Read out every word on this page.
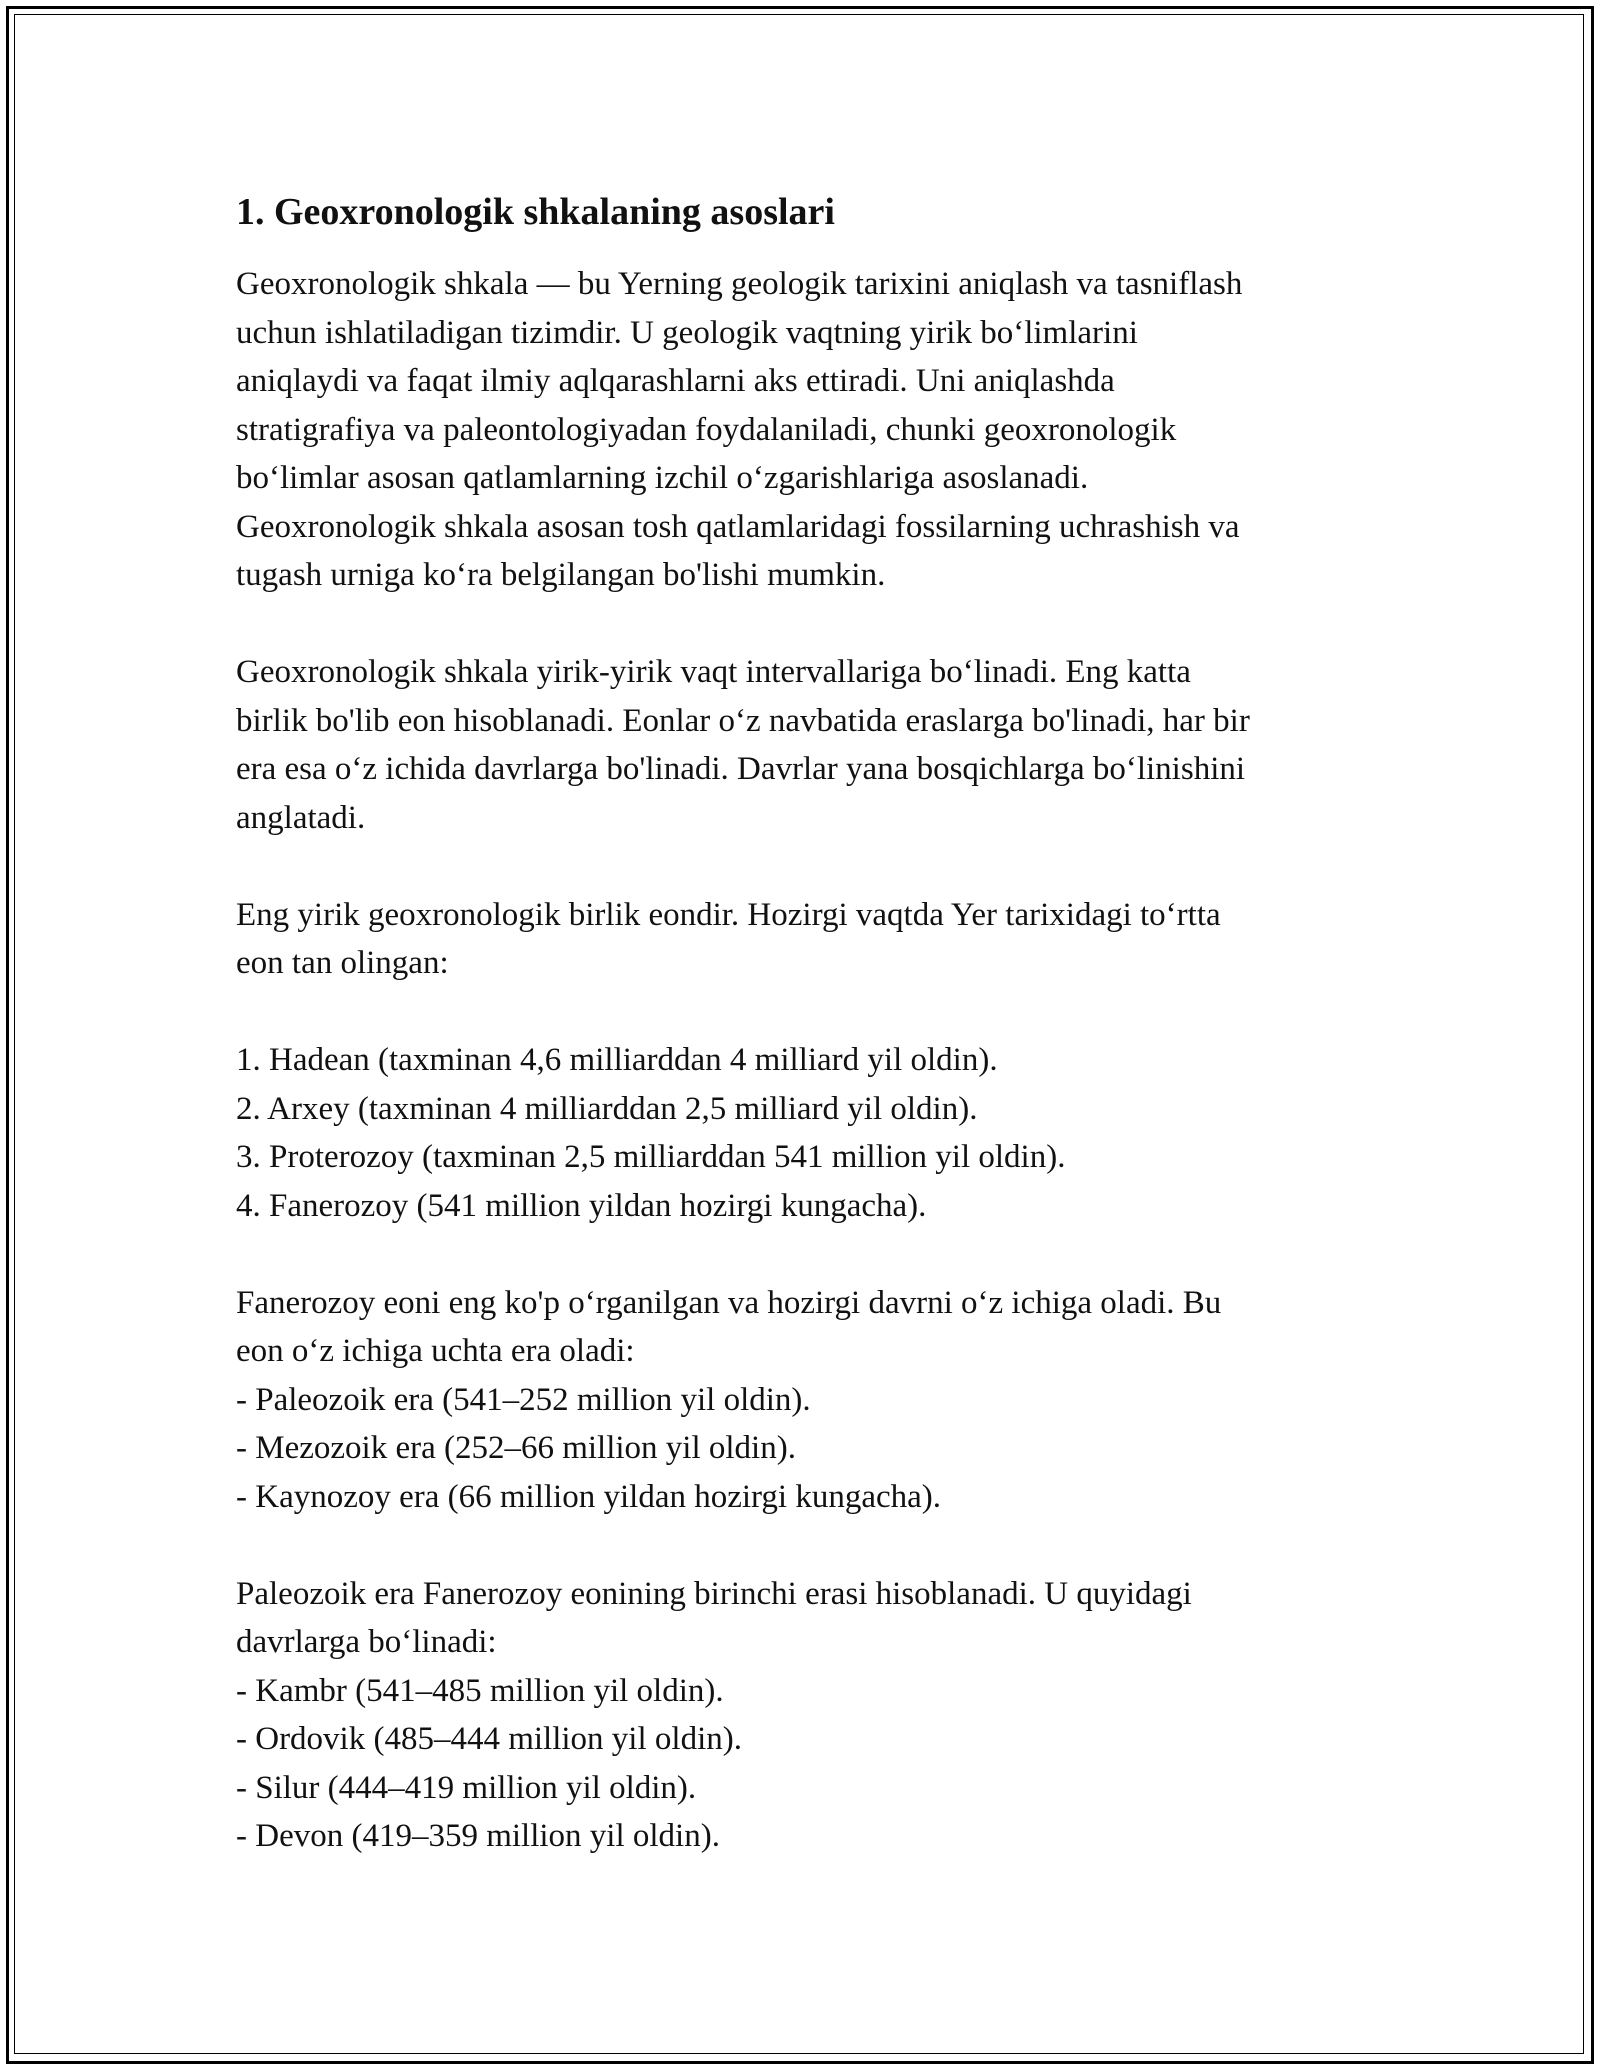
1. Geoxronologik shkalaning asoslari

Geoxronologik shkala — bu Yerning geologik tarixini aniqlash va tasniflash
uchun ishlatiladigan tizimdir. U geologik vaqtning yirik boʻlimlarini
aniqlaydi va faqat ilmiy aqlqarashlarni aks ettiradi. Uni aniqlashda
stratigrafiya va paleontologiyadan foydalaniladi, chunki geoxronologik
boʻlimlar asosan qatlamlarning izchil oʻzgarishlariga asoslanadi.
Geoxronologik shkala asosan tosh qatlamlaridagi fossilarning uchrashish va
tugash urniga koʻra belgilangan bo'lishi mumkin.

Geoxronologik shkala yirik-yirik vaqt intervallariga boʻlinadi. Eng katta
birlik bo'lib eon hisoblanadi. Eonlar oʻz navbatida eraslarga bo'linadi, har bir
era esa oʻz ichida davrlarga bo'linadi. Davrlar yana bosqichlarga boʻlinishini
anglatadi.

Eng yirik geoxronologik birlik eondir. Hozirgi vaqtda Yer tarixidagi toʻrtta
eon tan olingan:

1. Hadean (taxminan 4,6 milliarddan 4 milliard yil oldin).
2. Arxey (taxminan 4 milliarddan 2,5 milliard yil oldin).
3. Proterozoy (taxminan 2,5 milliarddan 541 million yil oldin).
4. Fanerozoy (541 million yildan hozirgi kungacha).

Fanerozoy eoni eng ko'p oʻrganilgan va hozirgi davrni oʻz ichiga oladi. Bu
eon oʻz ichiga uchta era oladi:
- Paleozoik era (541–252 million yil oldin).
- Mezozoik era (252–66 million yil oldin).
- Kaynozoy era (66 million yildan hozirgi kungacha).

Paleozoik era Fanerozoy eonining birinchi erasi hisoblanadi. U quyidagi
davrlarga boʻlinadi:
- Kambr (541–485 million yil oldin).
- Ordovik (485–444 million yil oldin).
- Silur (444–419 million yil oldin).
- Devon (419–359 million yil oldin).
